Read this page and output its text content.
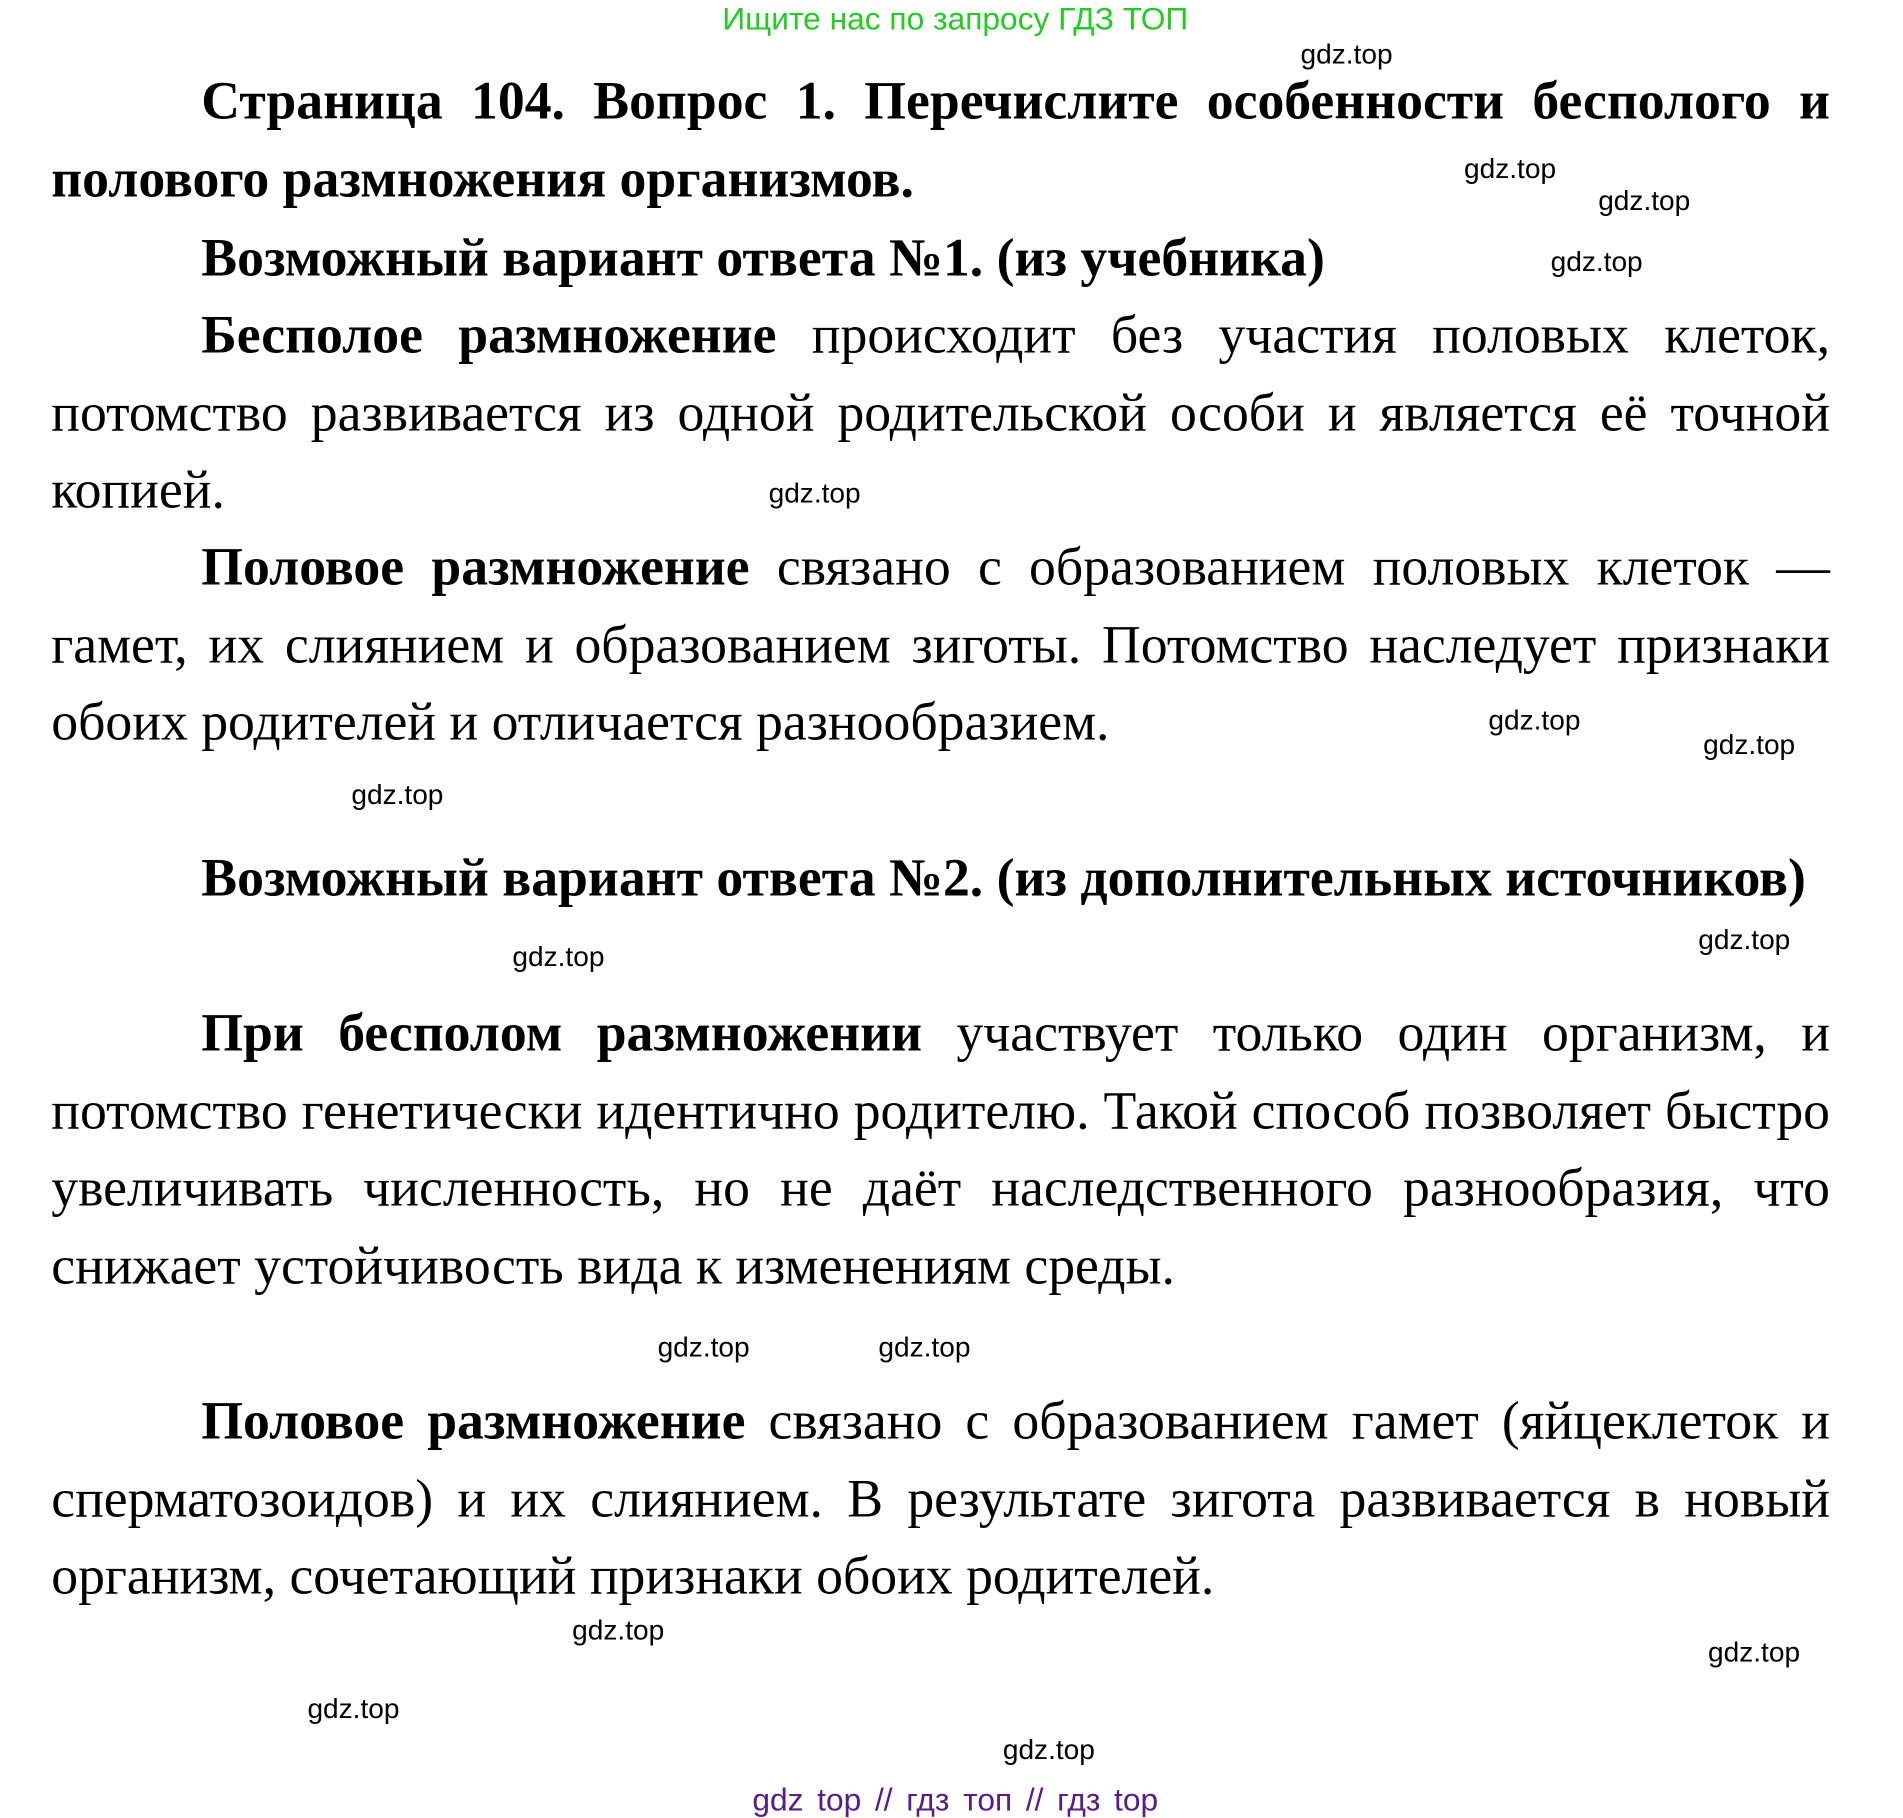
Ищите нас по запросу ГДЗ ТОП

Страница 104. Вопрос 1. Перечислите особенности бесполого и полового размножения организмов.

Возможный вариант ответа №1. (из учебника)

Бесполое размножение происходит без участия половых клеток, потомство развивается из одной родительской особи и является её точной копией.

Половое размножение связано с образованием половых клеток — гамет, их слиянием и образованием зиготы. Потомство наследует признаки обоих родителей и отличается разнообразием.

Возможный вариант ответа №2. (из дополнительных источников)

При бесполом размножении участвует только один организм, и потомство генетически идентично родителю. Такой способ позволяет быстро увеличивать численность, но не даёт наследственного разнообразия, что снижает устойчивость вида к изменениям среды.

Половое размножение связано с образованием гамет (яйцеклеток и сперматозоидов) и их слиянием. В результате зигота развивается в новый организм, сочетающий признаки обоих родителей.

gdz.top
gdz.top
gdz.top
gdz.top
gdz.top
gdz.top
gdz.top
gdz.top
gdz.top
gdz.top
gdz.top
gdz.top
gdz.top
gdz.top
gdz.top
gdz.top
gdz top // гдз топ // гдз top
